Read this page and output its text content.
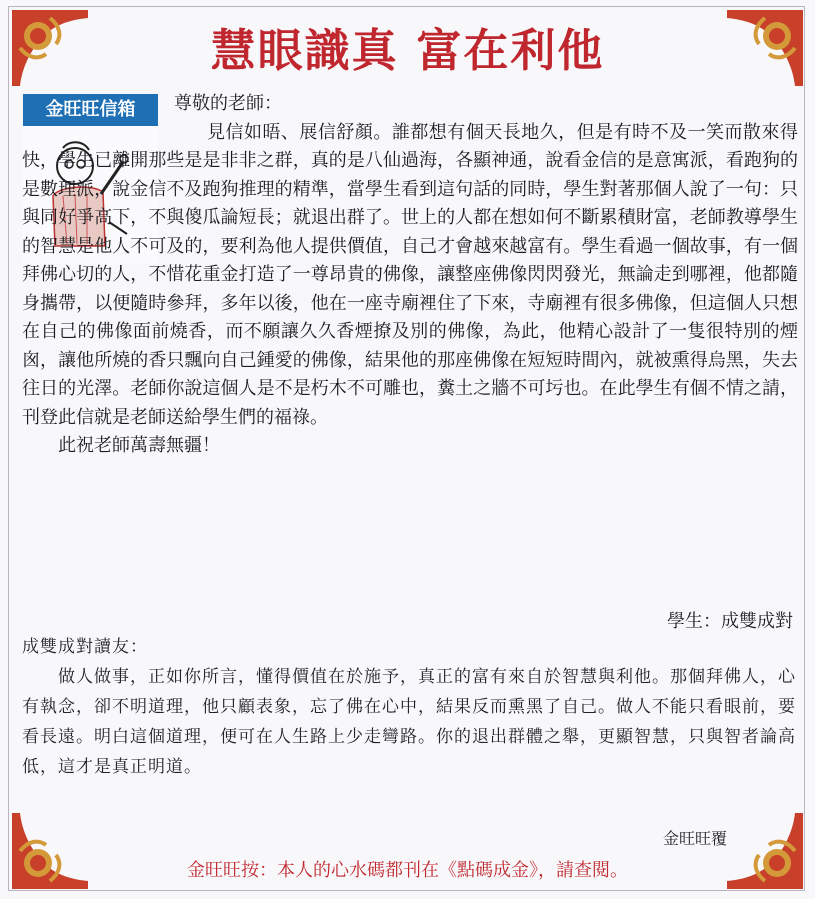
慧眼識真 富在利他
金旺旺信箱	尊敬的老師：

見信如晤、展信舒顏。誰都想有個天長地久，但是有時不及一笑而散來得快，學生已離開那些是是非非之群，真的是八仙過海，各顯神通，說看金信的是意寓派，看跑狗的是數理派，說金信不及跑狗推理的精準，當學生看到這句話的同時，學生對著那個人說了一句：只與同好爭高下，不與傻瓜論短長；就退出群了。世上的人都在想如何不斷累積財富，老師教導學生的智慧是他人不可及的，要利為他人提供價值，自己才會越來越富有。學生看過一個故事，有一個拜佛心切的人，不惜花重金打造了一尊昂貴的佛像，讓整座佛像閃閃發光，無論走到哪裡，他都隨身攜帶，以便隨時參拜，多年以後，他在一座寺廟裡住了下來，寺廟裡有很多佛像，但這個人只想在自己的佛像面前燒香，而不願讓久久香煙撩及別的佛像，為此，他精心設計了一隻很特別的煙囪，讓他所燒的香只飄向自己鍾愛的佛像，結果他的那座佛像在短短時間內，就被熏得烏黑，失去往日的光澤。老師你說這個人是不是朽木不可雕也，糞土之牆不可圬也。在此學生有個不情之請，刊登此信就是老師送給學生們的福祿。

此祝老師萬壽無疆！

學生：成雙成對

成雙成對讀友：

做人做事，正如你所言，懂得價值在於施予，真正的富有來自於智慧與利他。那個拜佛人，心有執念，卻不明道理，他只顧表象，忘了佛在心中，結果反而熏黑了自己。做人不能只看眼前，要看長遠。明白這個道理，便可在人生路上少走彎路。你的退出群體之舉，更顯智慧，只與智者論高低，這才是真正明道。

金旺旺覆
金旺旺按：本人的心水碼都刊在《點碼成金》，請查閱。
